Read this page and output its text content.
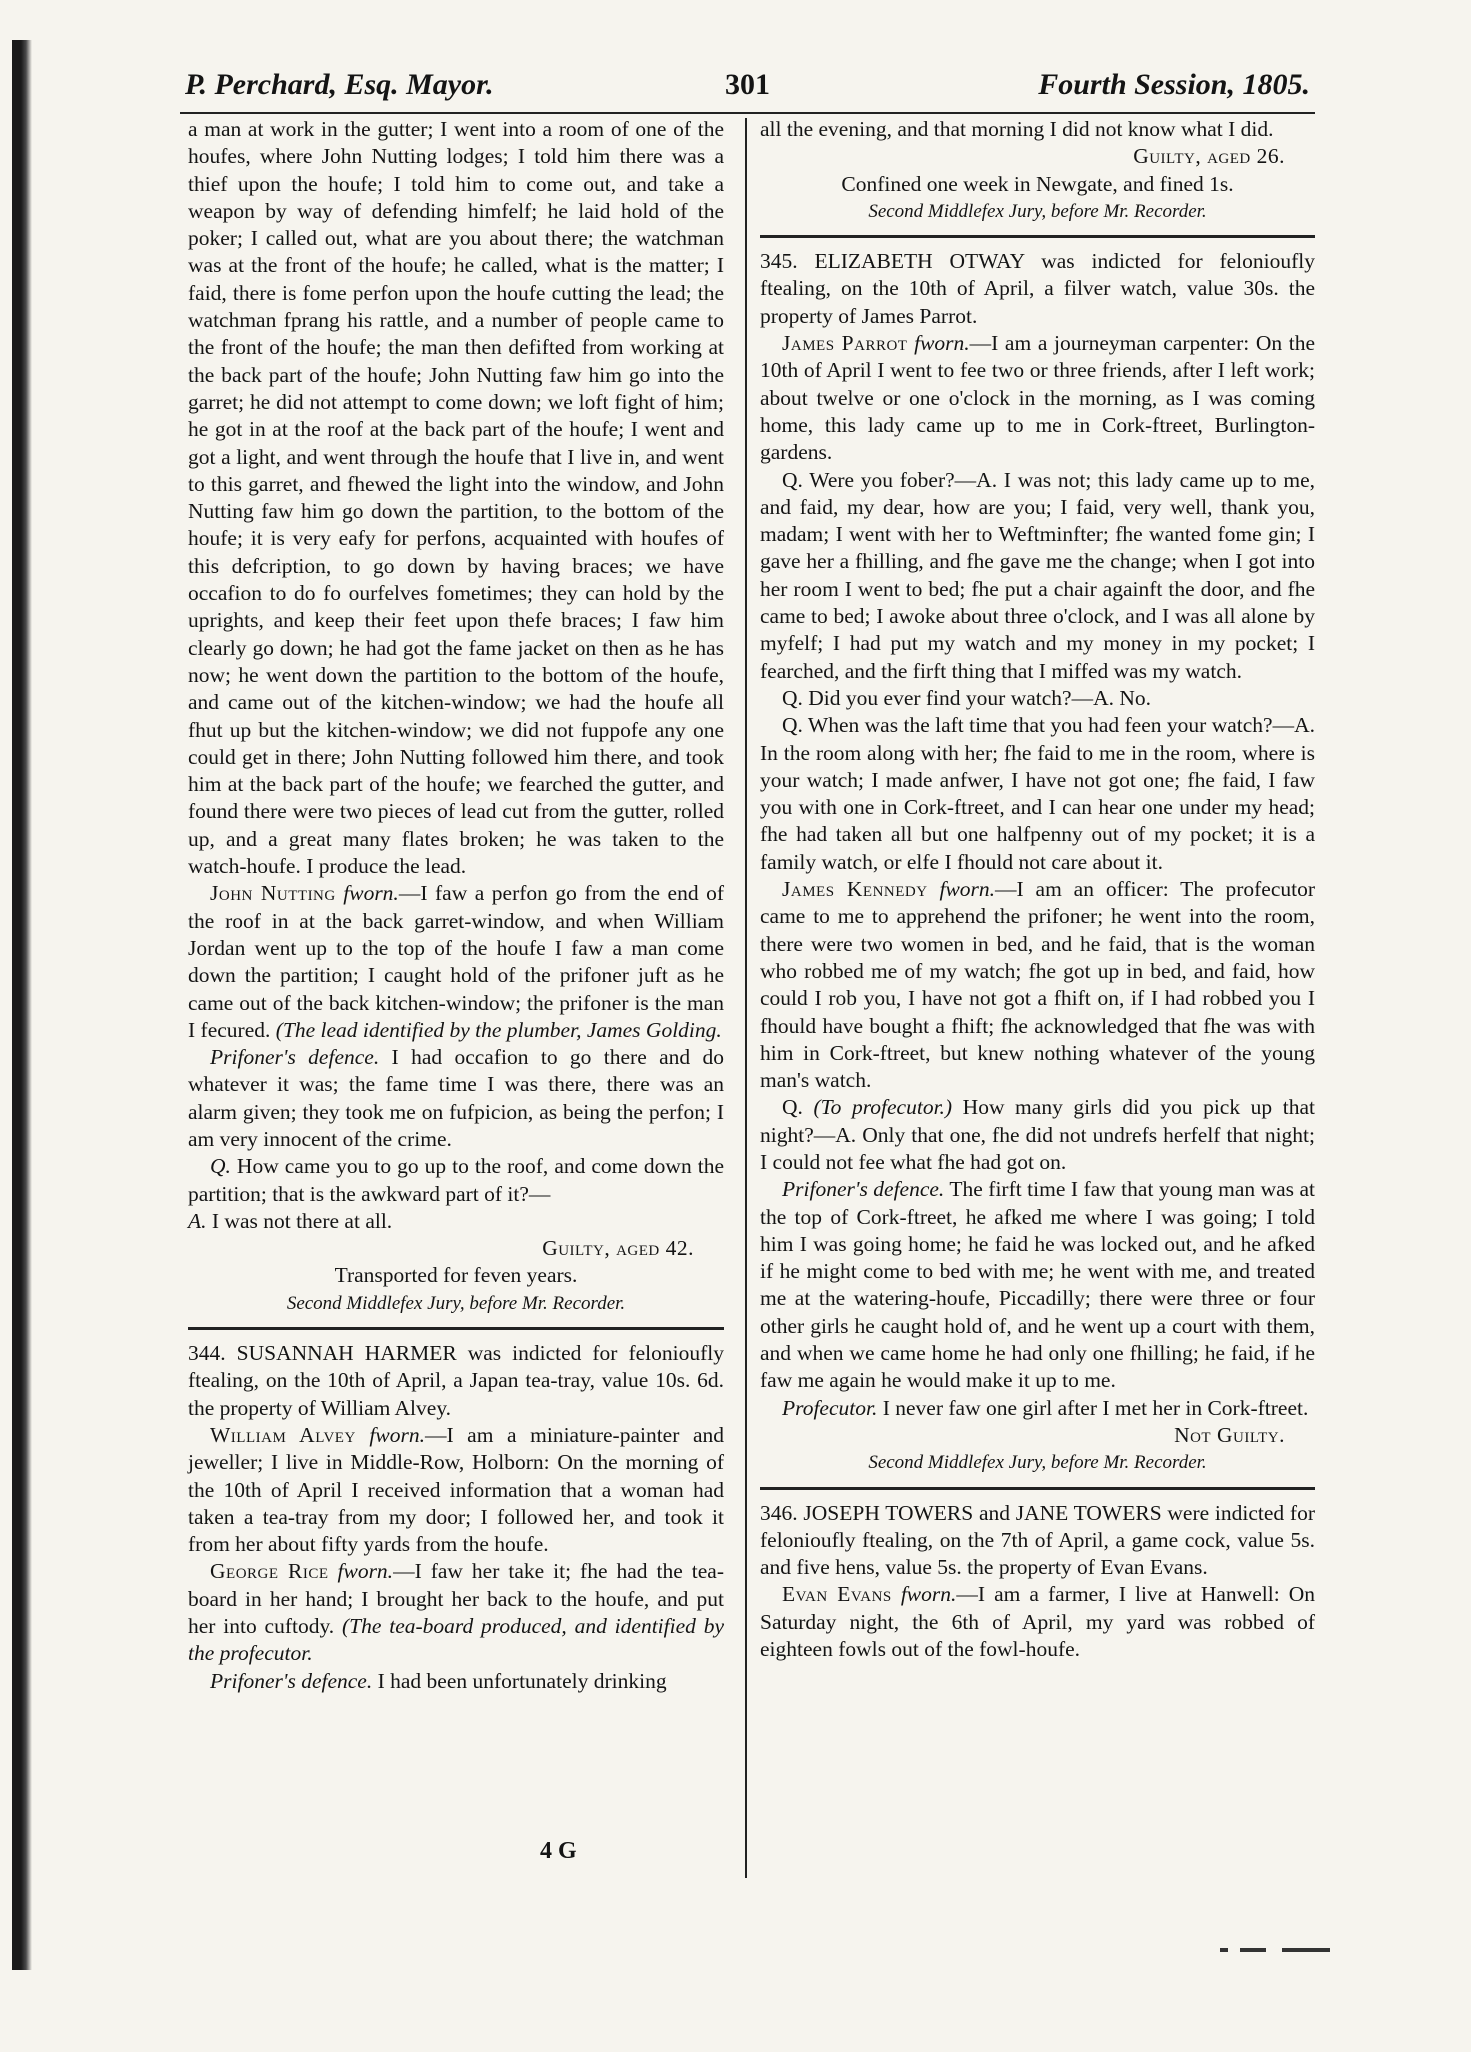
P. Perchard, Esq. Mayor.	301	Fourth Session, 1805.

a man at work in the gutter; I went into a room of one of the houfes, where John Nutting lodges; I told him there was a thief upon the houfe; I told him to come out, and take a weapon by way of defending himfelf; he laid hold of the poker; I called out, what are you about there; the watchman was at the front of the houfe; he called, what is the matter; I faid, there is fome perfon upon the houfe cutting the lead; the watchman fprang his rattle, and a number of people came to the front of the houfe; the man then defifted from working at the back part of the houfe; John Nutting faw him go into the garret; he did not attempt to come down; we loft fight of him; he got in at the roof at the back part of the houfe; I went and got a light, and went through the houfe that I live in, and went to this garret, and fhewed the light into the window, and John Nutting faw him go down the partition, to the bottom of the houfe; it is very eafy for perfons, acquainted with houfes of this defcription, to go down by having braces; we have occafion to do fo ourfelves fometimes; they can hold by the uprights, and keep their feet upon thefe braces; I faw him clearly go down; he had got the fame jacket on then as he has now; he went down the partition to the bottom of the houfe, and came out of the kitchen-window; we had the houfe all fhut up but the kitchen-window; we did not fuppofe any one could get in there; John Nutting followed him there, and took him at the back part of the houfe; we fearched the gutter, and found there were two pieces of lead cut from the gutter, rolled up, and a great many flates broken; he was taken to the watch-houfe. I produce the lead.

John Nutting fworn.—I faw a perfon go from the end of the roof in at the back garret-window, and when William Jordan went up to the top of the houfe I faw a man come down the partition; I caught hold of the prifoner juft as he came out of the back kitchen-window; the prifoner is the man I fecured. (The lead identified by the plumber, James Golding.

Prifoner's defence. I had occafion to go there and do whatever it was; the fame time I was there, there was an alarm given; they took me on fufpicion, as being the perfon; I am very innocent of the crime.

Q. How came you to go up to the roof, and come down the partition; that is the awkward part of it?—
A. I was not there at all.

Guilty, aged 42.

Transported for feven years.

Second Middlefex Jury, before Mr. Recorder.

344. SUSANNAH HARMER was indicted for felonioufly ftealing, on the 10th of April, a Japan tea-tray, value 10s. 6d. the property of William Alvey.

William Alvey fworn.—I am a miniature-painter and jeweller; I live in Middle-Row, Holborn: On the morning of the 10th of April I received information that a woman had taken a tea-tray from my door; I followed her, and took it from her about fifty yards from the houfe.

George Rice fworn.—I faw her take it; fhe had the tea-board in her hand; I brought her back to the houfe, and put her into cuftody. (The tea-board produced, and identified by the profecutor.

Prifoner's defence. I had been unfortunately drinking

all the evening, and that morning I did not know what I did.

Guilty, aged 26.

Confined one week in Newgate, and fined 1s.

Second Middlefex Jury, before Mr. Recorder.

345. ELIZABETH OTWAY was indicted for felonioufly ftealing, on the 10th of April, a filver watch, value 30s. the property of James Parrot.

James Parrot fworn.—I am a journeyman carpenter: On the 10th of April I went to fee two or three friends, after I left work; about twelve or one o'clock in the morning, as I was coming home, this lady came up to me in Cork-ftreet, Burlington-gardens.

Q. Were you fober?—A. I was not; this lady came up to me, and faid, my dear, how are you; I faid, very well, thank you, madam; I went with her to Weftminfter; fhe wanted fome gin; I gave her a fhilling, and fhe gave me the change; when I got into her room I went to bed; fhe put a chair againft the door, and fhe came to bed; I awoke about three o'clock, and I was all alone by myfelf; I had put my watch and my money in my pocket; I fearched, and the firft thing that I miffed was my watch.

Q. Did you ever find your watch?—A. No.

Q. When was the laft time that you had feen your watch?—A. In the room along with her; fhe faid to me in the room, where is your watch; I made anfwer, I have not got one; fhe faid, I faw you with one in Cork-ftreet, and I can hear one under my head; fhe had taken all but one halfpenny out of my pocket; it is a family watch, or elfe I fhould not care about it.

James Kennedy fworn.—I am an officer: The profecutor came to me to apprehend the prifoner; he went into the room, there were two women in bed, and he faid, that is the woman who robbed me of my watch; fhe got up in bed, and faid, how could I rob you, I have not got a fhift on, if I had robbed you I fhould have bought a fhift; fhe acknowledged that fhe was with him in Cork-ftreet, but knew nothing whatever of the young man's watch.

Q. (To profecutor.) How many girls did you pick up that night?—A. Only that one, fhe did not undrefs herfelf that night; I could not fee what fhe had got on.

Prifoner's defence. The firft time I faw that young man was at the top of Cork-ftreet, he afked me where I was going; I told him I was going home; he faid he was locked out, and he afked if he might come to bed with me; he went with me, and treated me at the watering-houfe, Piccadilly; there were three or four other girls he caught hold of, and he went up a court with them, and when we came home he had only one fhilling; he faid, if he faw me again he would make it up to me.

Profecutor. I never faw one girl after I met her in Cork-ftreet.

Not Guilty.

Second Middlefex Jury, before Mr. Recorder.

346. JOSEPH TOWERS and JANE TOWERS were indicted for felonioufly ftealing, on the 7th of April, a game cock, value 5s. and five hens, value 5s. the property of Evan Evans.

Evan Evans fworn.—I am a farmer, I live at Hanwell: On Saturday night, the 6th of April, my yard was robbed of eighteen fowls out of the fowl-houfe.

4 G
